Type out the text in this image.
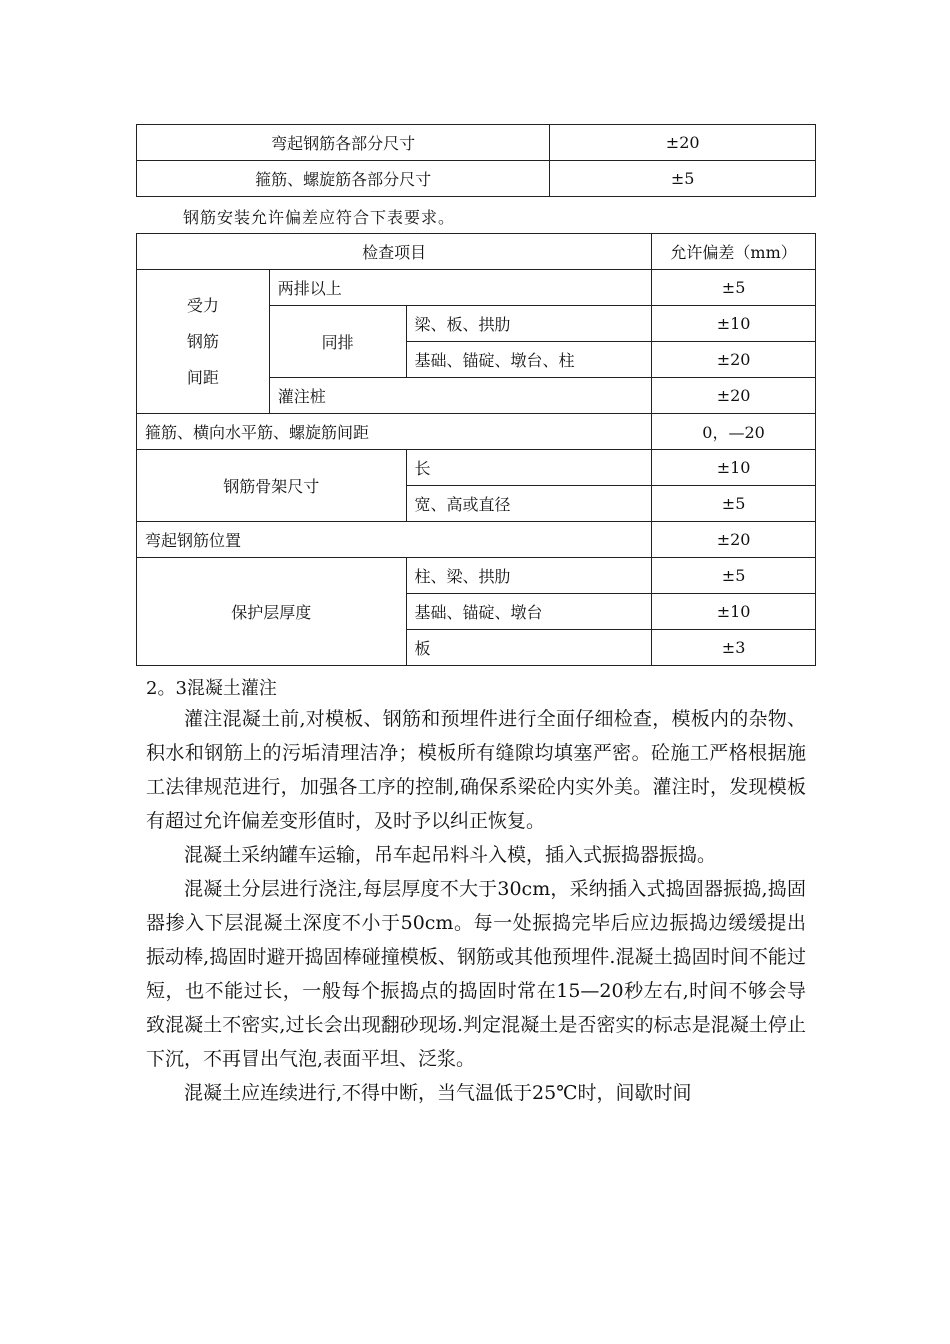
弯起钢筋各部分尺寸	±20
箍筋、螺旋筋各部分尺寸	±5
钢筋安装允许偏差应符合下表要求。
检查项目			允许偏差（mm）

受力
钢筋
间距	两排以上		±5
	同排	梁、板、拱肋	±10
		基础、锚碇、墩台、柱	±20
	灌注桩		±20
箍筋、横向水平筋、螺旋筋间距			0，—20
钢筋骨架尺寸		长	±10
		宽、高或直径	±5
弯起钢筋位置			±20
保护层厚度		柱、梁、拱肋	±5
		基础、锚碇、墩台	±10
		板	±3
2。3混凝土灌注

灌注混凝土前,对模板、钢筋和预埋件进行全面仔细检查，模板内的杂物、积水和钢筋上的污垢清理洁净；模板所有缝隙均填塞严密。砼施工严格根据施工法律规范进行，加强各工序的控制,确保系梁砼内实外美。灌注时，发现模板有超过允许偏差变形值时，及时予以纠正恢复。

混凝土采纳罐车运输，吊车起吊料斗入模，插入式振捣器振捣。

混凝土分层进行浇注,每层厚度不大于30cm，采纳插入式捣固器振捣,捣固器掺入下层混凝土深度不小于50cm。每一处振捣完毕后应边振捣边缓缓提出振动棒,捣固时避开捣固棒碰撞模板、钢筋或其他预埋件.混凝土捣固时间不能过短，也不能过长，一般每个振捣点的捣固时常在15—20秒左右,时间不够会导致混凝土不密实,过长会出现翻砂现场.判定混凝土是否密实的标志是混凝土停止下沉，不再冒出气泡,表面平坦、泛浆。

混凝土应连续进行,不得中断，当气温低于25℃时，间歇时间
